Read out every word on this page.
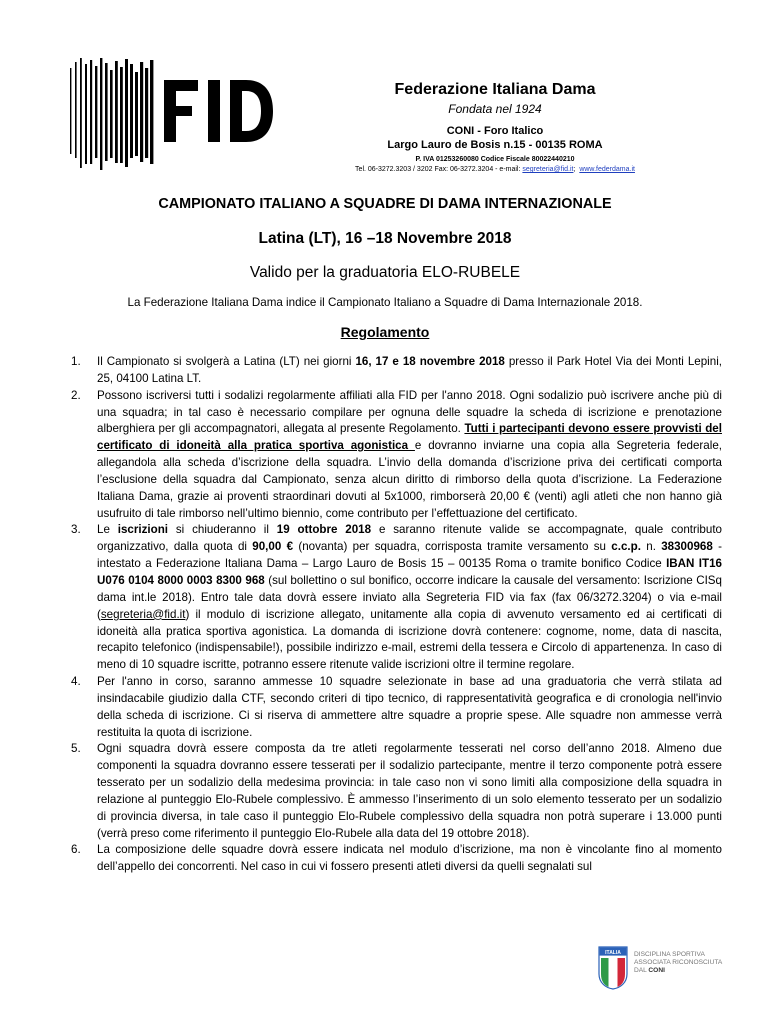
Federazione Italiana Dama
Fondata nel 1924
CONI - Foro Italico
Largo Lauro de Bosis n.15 - 00135 ROMA
P. IVA 01253260080 Codice Fiscale 80022440210
Tel. 06-3272.3203 / 3202 Fax: 06-3272.3204 - e-mail: segreteria@fid.it; www.federdama.it
CAMPIONATO ITALIANO A SQUADRE DI DAMA INTERNAZIONALE
Latina (LT), 16 –18 Novembre 2018
Valido per la graduatoria ELO-RUBELE
La Federazione Italiana Dama indice il Campionato Italiano a Squadre di Dama Internazionale 2018.
Regolamento
1. Il Campionato si svolgerà a Latina (LT) nei giorni 16, 17 e 18 novembre 2018 presso il Park Hotel Via dei Monti Lepini, 25, 04100 Latina LT.
2. Possono iscriversi tutti i sodalizi regolarmente affiliati alla FID per l'anno 2018. Ogni sodalizio può iscrivere anche più di una squadra; in tal caso è necessario compilare per ognuna delle squadre la scheda di iscrizione e prenotazione alberghiera per gli accompagnatori, allegata al presente Regolamento. Tutti i partecipanti devono essere provvisti del certificato di idoneità alla pratica sportiva agonistica e dovranno inviarne una copia alla Segreteria federale, allegandola alla scheda d’iscrizione della squadra. L’invio della domanda d’iscrizione priva dei certificati comporta l’esclusione della squadra dal Campionato, senza alcun diritto di rimborso della quota d’iscrizione. La Federazione Italiana Dama, grazie ai proventi straordinari dovuti al 5x1000, rimborserà 20,00 € (venti) agli atleti che non hanno già usufruito di tale rimborso nell’ultimo biennio, come contributo per l’effettuazione del certificato.
3. Le iscrizioni si chiuderanno il 19 ottobre 2018 e saranno ritenute valide se accompagnate, quale contributo organizzativo, dalla quota di 90,00 € (novanta) per squadra, corrisposta tramite versamento su c.c.p. n. 38300968 - intestato a Federazione Italiana Dama – Largo Lauro de Bosis 15 – 00135 Roma o tramite bonifico Codice IBAN IT16 U076 0104 8000 0003 8300 968 (sul bollettino o sul bonifico, occorre indicare la causale del versamento: Iscrizione CISq dama int.le 2018). Entro tale data dovrà essere inviato alla Segreteria FID via fax (fax 06/3272.3204) o via e-mail (segreteria@fid.it) il modulo di iscrizione allegato, unitamente alla copia di avvenuto versamento ed ai certificati di idoneità alla pratica sportiva agonistica. La domanda di iscrizione dovrà contenere: cognome, nome, data di nascita, recapito telefonico (indispensabile!), possibile indirizzo e-mail, estremi della tessera e Circolo di appartenenza. In caso di meno di 10 squadre iscritte, potranno essere ritenute valide iscrizioni oltre il termine regolare.
4. Per l'anno in corso, saranno ammesse 10 squadre selezionate in base ad una graduatoria che verrà stilata ad insindacabile giudizio dalla CTF, secondo criteri di tipo tecnico, di rappresentatività geografica e di cronologia nell'invio della scheda di iscrizione. Ci si riserva di ammettere altre squadre a proprie spese. Alle squadre non ammesse verrà restituita la quota di iscrizione.
5. Ogni squadra dovrà essere composta da tre atleti regolarmente tesserati nel corso dell’anno 2018. Almeno due componenti la squadra dovranno essere tesserati per il sodalizio partecipante, mentre il terzo componente potrà essere tesserato per un sodalizio della medesima provincia: in tale caso non vi sono limiti alla composizione della squadra in relazione al punteggio Elo-Rubele complessivo. È ammesso l’inserimento di un solo elemento tesserato per un sodalizio di provincia diversa, in tale caso il punteggio Elo-Rubele complessivo della squadra non potrà superare i 13.000 punti (verrà preso come riferimento il punteggio Elo-Rubele alla data del 19 ottobre 2018).
6. La composizione delle squadre dovrà essere indicata nel modulo d’iscrizione, ma non è vincolante fino al momento dell’appello dei concorrenti. Nel caso in cui vi fossero presenti atleti diversi da quelli segnalati sul
ITALIA DISCIPLINA SPORTIVA
ASSOCIATA RICONOSCIUTA
DAL CONI
